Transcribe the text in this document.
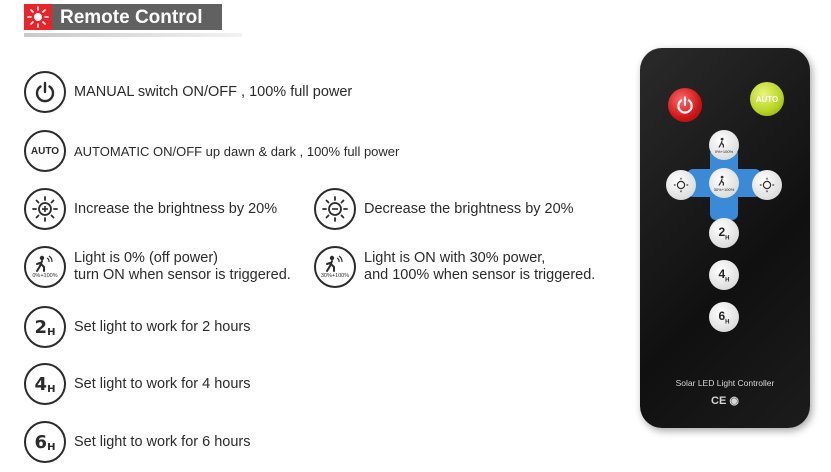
Remote Control
MANUAL switch ON/OFF , 100% full power
AUTO AUTOMATIC ON/OFF up dawn & dark , 100% full power
Increase the brightness by 20%	Decrease the brightness by 20%
0%+100%
Light is 0% (off power)
turn ON when sensor is triggered.	30%+100%
Light is ON with 30% power,
and 100% when sensor is triggered.
$2_H$ Set light to work for 2 hours
$4_H$ Set light to work for 4 hours
$6_H$ Set light to work for 6 hours
AUTO
0%+100%
30%+100%
$2_H$
$4_H$
$6_H$
Solar LED Light Controller
CE ◉
